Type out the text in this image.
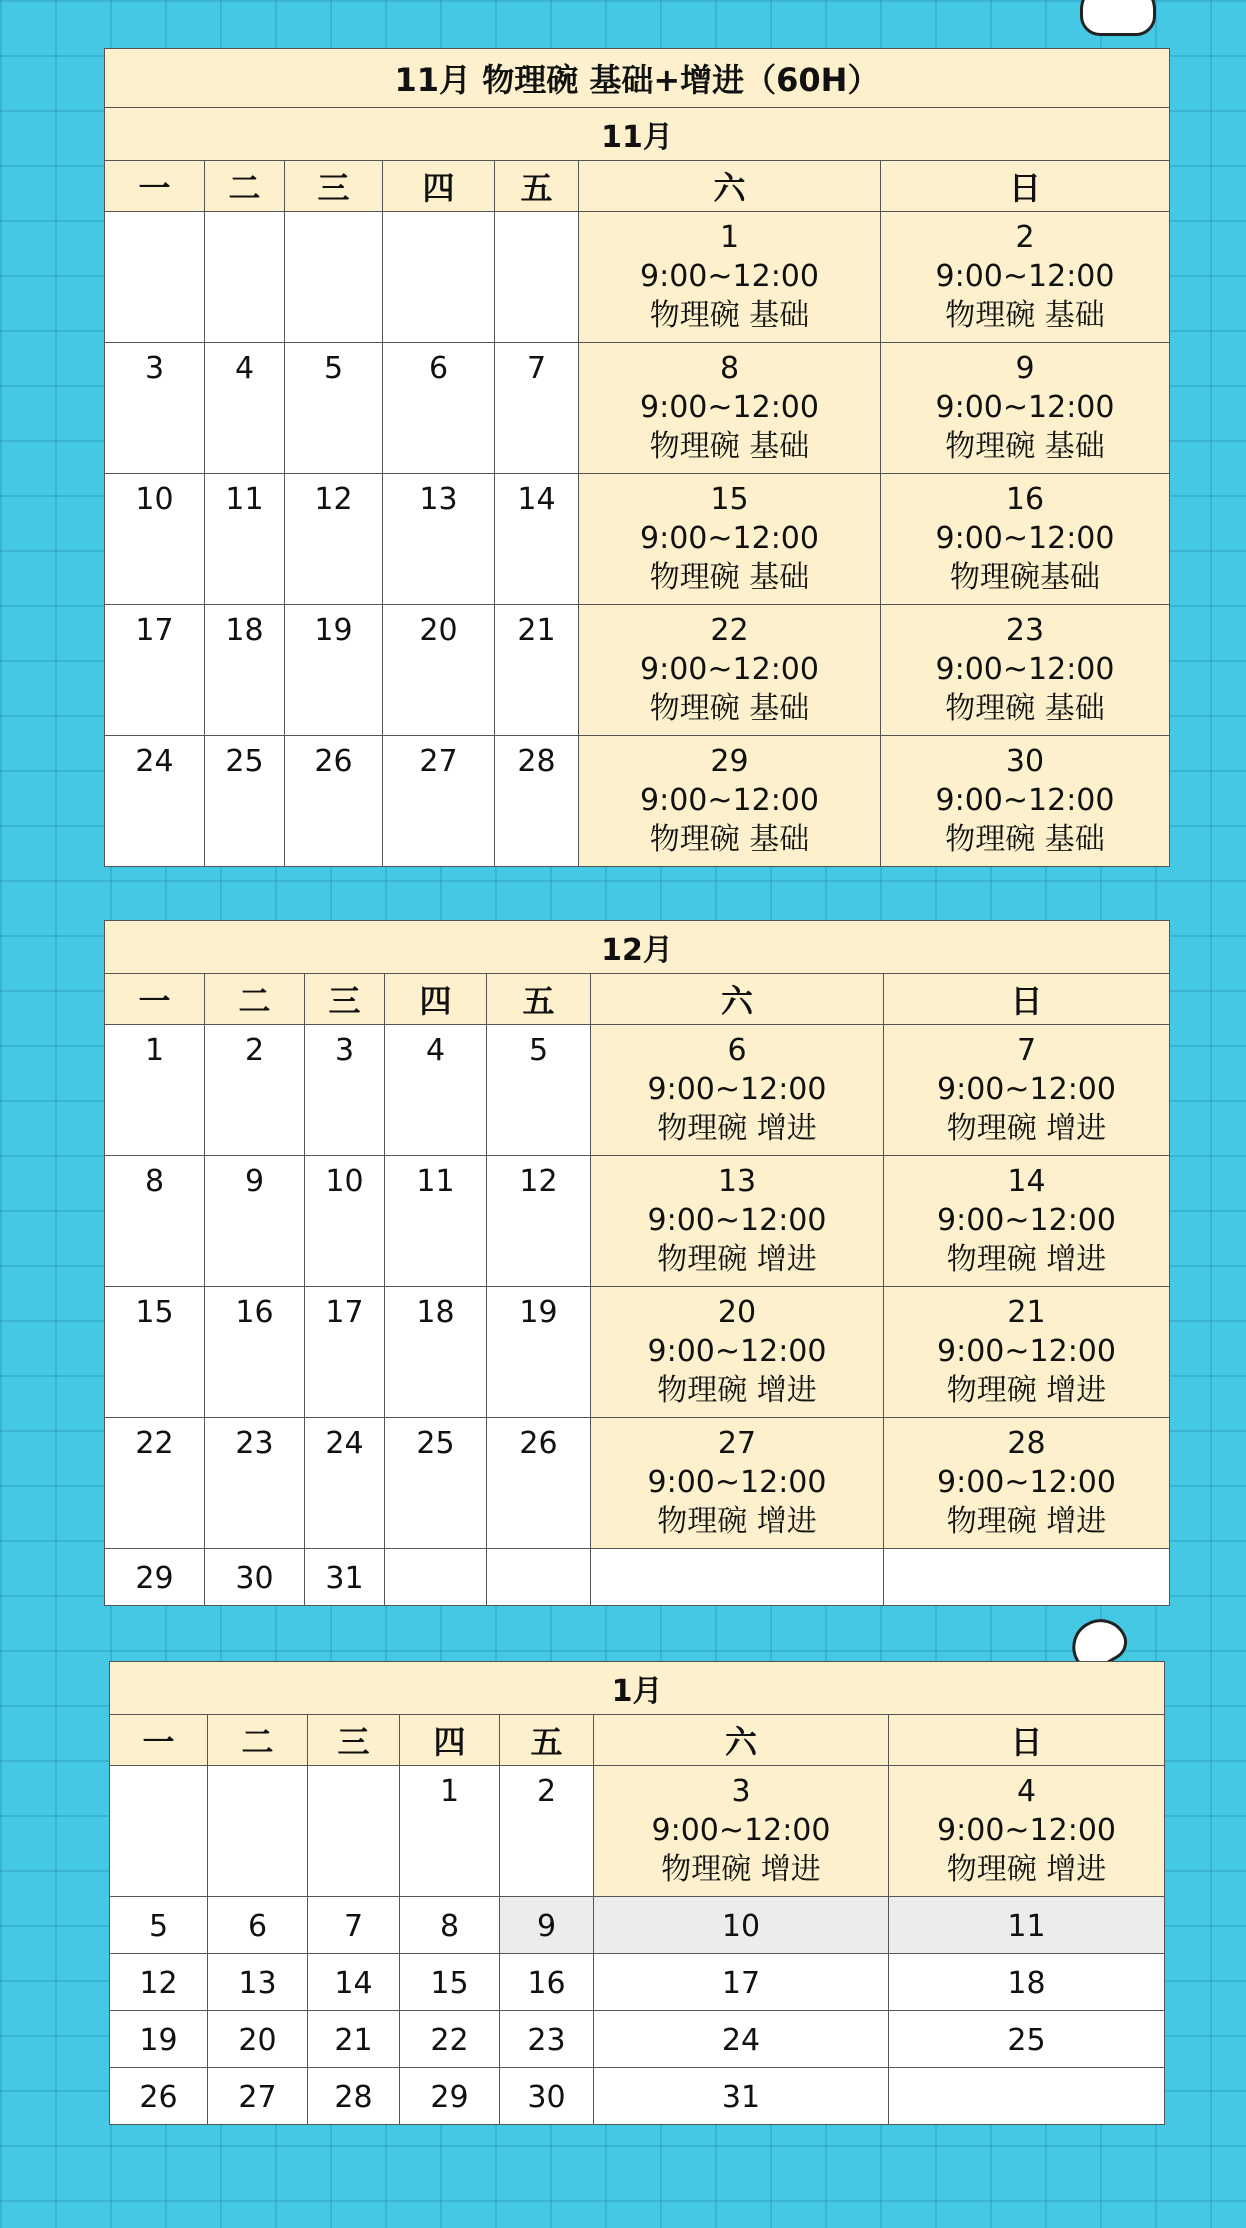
11月 物理碗 基础+增进（60H）						
11月						
一	二	三	四	五	六	日

					1
9:00~12:00
物理碗 基础	2
9:00~12:00
物理碗 基础

3	4	5	6	7	8
9:00~12:00
物理碗 基础	9
9:00~12:00
物理碗 基础

10	11	12	13	14	15
9:00~12:00
物理碗 基础	16
9:00~12:00
物理碗基础

17	18	19	20	21	22
9:00~12:00
物理碗 基础	23
9:00~12:00
物理碗 基础

24	25	26	27	28	29
9:00~12:00
物理碗 基础	30
9:00~12:00
物理碗 基础
12月						
一	二	三	四	五	六	日

1	2	3	4	5	6
9:00~12:00
物理碗 增进	7
9:00~12:00
物理碗 增进

8	9	10	11	12	13
9:00~12:00
物理碗 增进	14
9:00~12:00
物理碗 增进

15	16	17	18	19	20
9:00~12:00
物理碗 增进	21
9:00~12:00
物理碗 增进

22	23	24	25	26	27
9:00~12:00
物理碗 增进	28
9:00~12:00
物理碗 增进

29	30	31				

1月						
一	二	三	四	五	六	日

			1	2	3
9:00~12:00
物理碗 增进	4
9:00~12:00
物理碗 增进

5	6	7	8	9	10	11

12	13	14	15	16	17	18

19	20	21	22	23	24	25

26	27	28	29	30	31	
